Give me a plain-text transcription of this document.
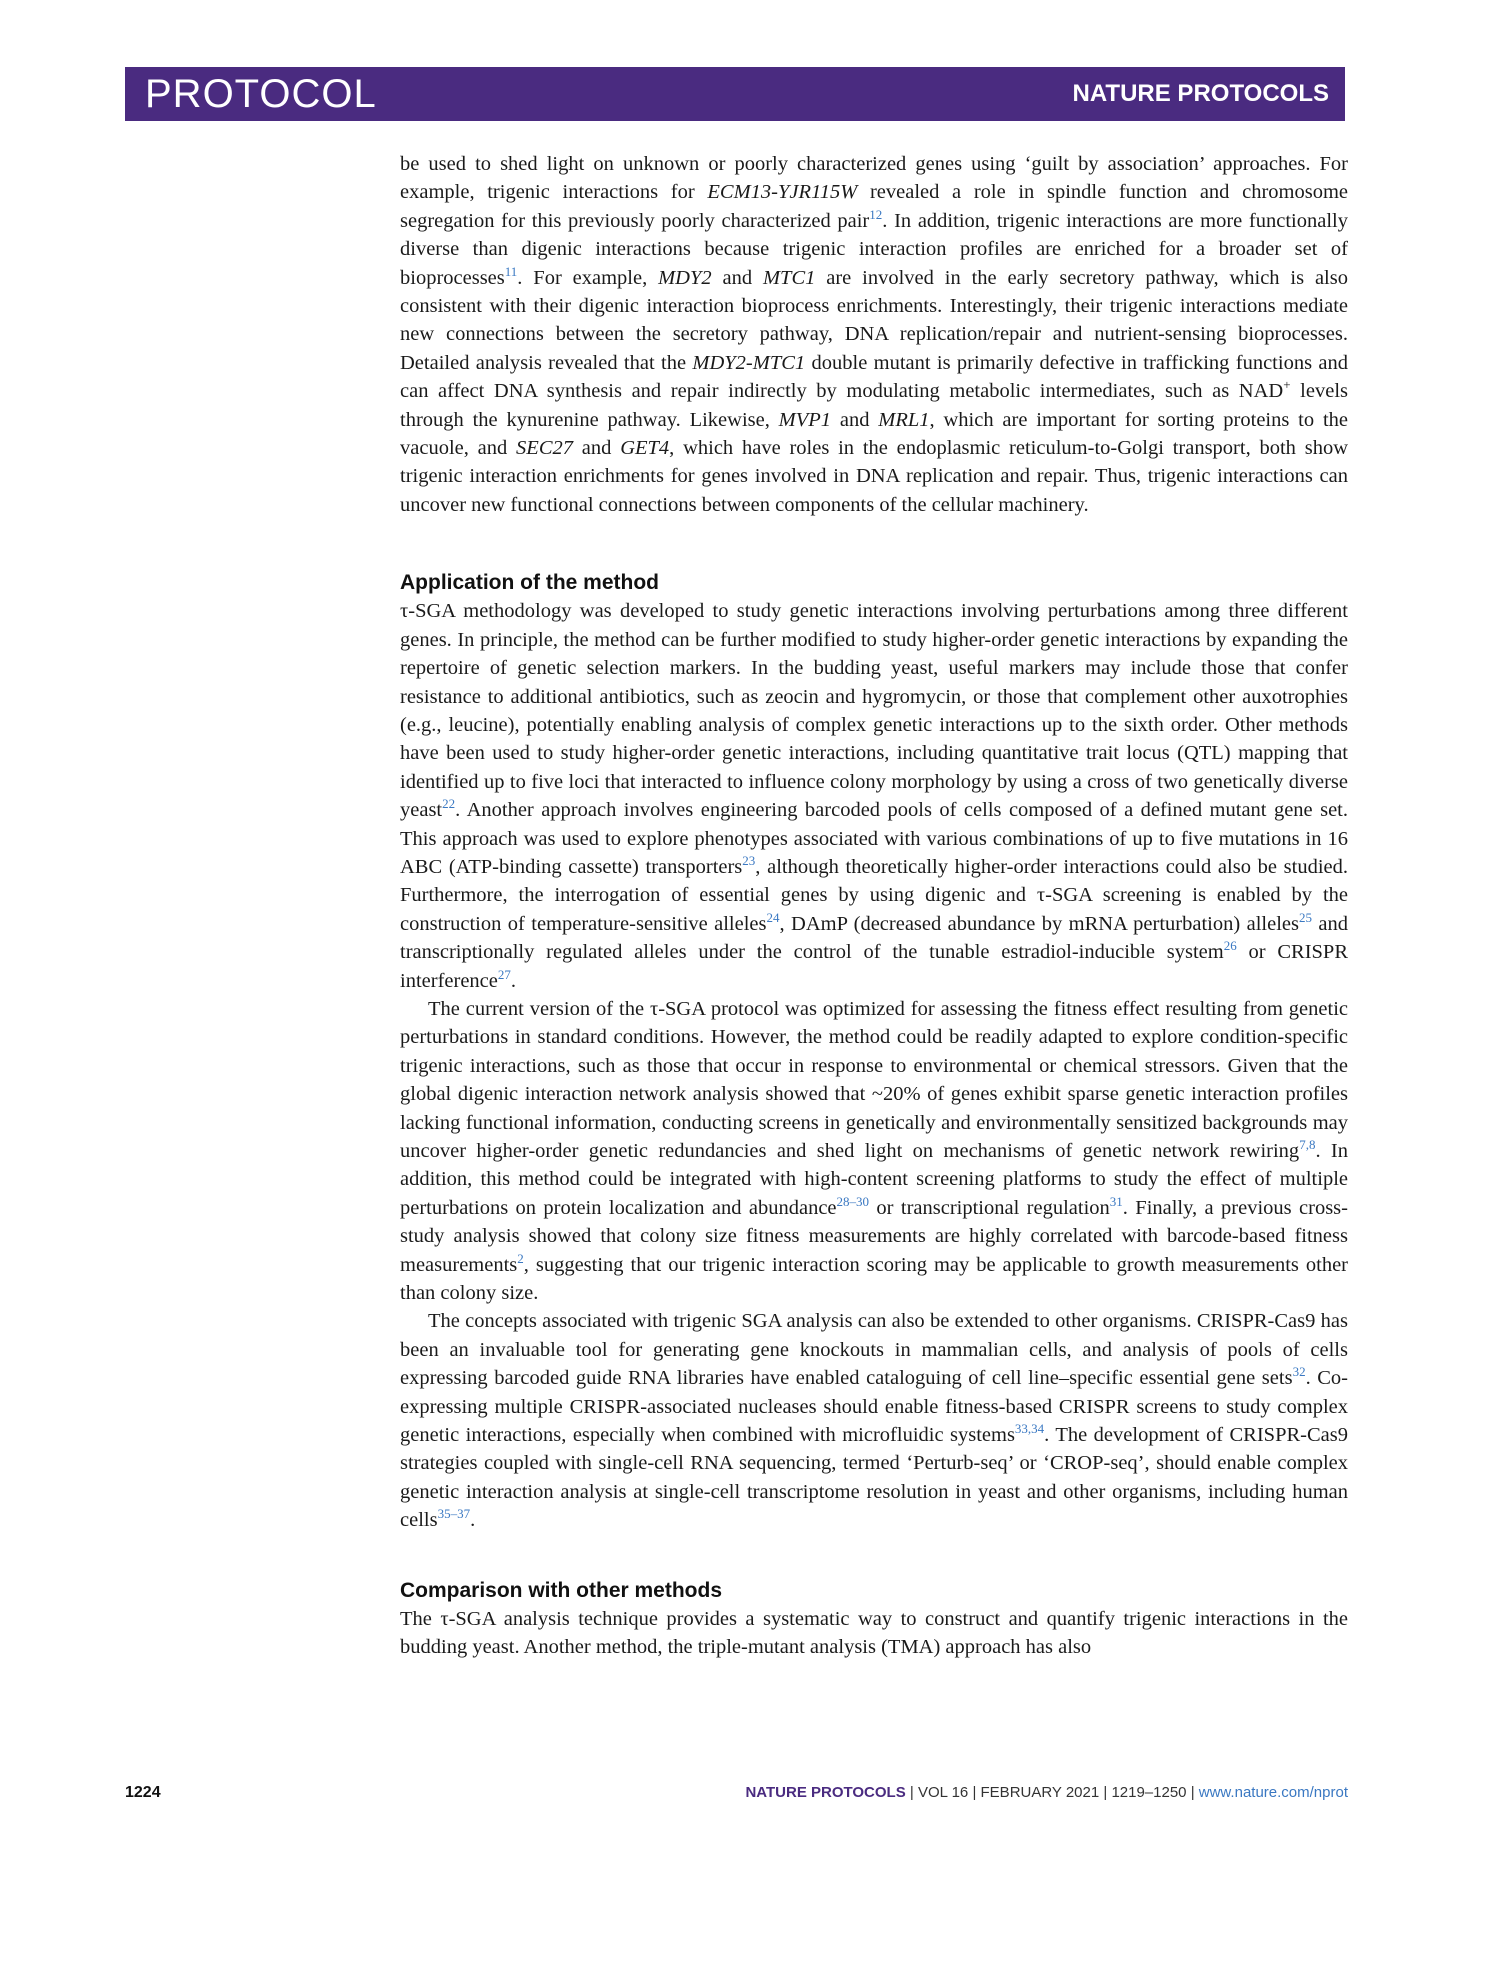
PROTOCOL	NATURE PROTOCOLS

be used to shed light on unknown or poorly characterized genes using ‘guilt by association’ approaches. For example, trigenic interactions for ECM13-YJR115W revealed a role in spindle function and chromosome segregation for this previously poorly characterized pair$^{12}$. In addition, trigenic interactions are more functionally diverse than digenic interactions because trigenic interaction profiles are enriched for a broader set of bioprocesses$^{11}$. For example, MDY2 and MTC1 are involved in the early secretory pathway, which is also consistent with their digenic interaction bioprocess enrichments. Interestingly, their trigenic interactions mediate new connections between the secretory pathway, DNA replication/repair and nutrient-sensing bioprocesses. Detailed analysis revealed that the MDY2-MTC1 double mutant is primarily defective in trafficking functions and can affect DNA synthesis and repair indirectly by modulating metabolic intermediates, such as NAD+ levels through the kynurenine pathway. Likewise, MVP1 and MRL1, which are important for sorting proteins to the vacuole, and SEC27 and GET4, which have roles in the endoplasmic reticulum-to-Golgi transport, both show trigenic interaction enrichments for genes involved in DNA replication and repair. Thus, trigenic interactions can uncover new functional connections between components of the cellular machinery.

Application of the method

τ-SGA methodology was developed to study genetic interactions involving perturbations among three different genes. In principle, the method can be further modified to study higher-order genetic interactions by expanding the repertoire of genetic selection markers. In the budding yeast, useful markers may include those that confer resistance to additional antibiotics, such as zeocin and hygromycin, or those that complement other auxotrophies (e.g., leucine), potentially enabling analysis of complex genetic interactions up to the sixth order. Other methods have been used to study higher-order genetic interactions, including quantitative trait locus (QTL) mapping that identified up to five loci that interacted to influence colony morphology by using a cross of two genetically diverse yeast$^{22}$. Another approach involves engineering barcoded pools of cells composed of a defined mutant gene set. This approach was used to explore phenotypes associated with various combinations of up to five mutations in 16 ABC (ATP-binding cassette) transporters$^{23}$, although theoretically higher-order interactions could also be studied. Furthermore, the interrogation of essential genes by using digenic and τ-SGA screening is enabled by the construction of temperature-sensitive alleles$^{24}$, DAmP (decreased abundance by mRNA perturbation) alleles$^{25}$ and transcriptionally regulated alleles under the control of the tunable estradiol-inducible system$^{26}$ or CRISPR interference$^{27}$.

The current version of the τ-SGA protocol was optimized for assessing the fitness effect resulting from genetic perturbations in standard conditions. However, the method could be readily adapted to explore condition-specific trigenic interactions, such as those that occur in response to environmental or chemical stressors. Given that the global digenic interaction network analysis showed that ~20% of genes exhibit sparse genetic interaction profiles lacking functional information, conducting screens in genetically and environmentally sensitized backgrounds may uncover higher-order genetic redundancies and shed light on mechanisms of genetic network rewiring$^{7,8}$. In addition, this method could be integrated with high-content screening platforms to study the effect of multiple perturbations on protein localization and abundance$^{28-30}$ or transcriptional regulation$^{31}$. Finally, a previous cross-study analysis showed that colony size fitness measurements are highly correlated with barcode-based fitness measurements$^2$, suggesting that our trigenic interaction scoring may be applicable to growth measurements other than colony size.

The concepts associated with trigenic SGA analysis can also be extended to other organisms. CRISPR-Cas9 has been an invaluable tool for generating gene knockouts in mammalian cells, and analysis of pools of cells expressing barcoded guide RNA libraries have enabled cataloguing of cell line–specific essential gene sets$^{32}$. Co-expressing multiple CRISPR-associated nucleases should enable fitness-based CRISPR screens to study complex genetic interactions, especially when combined with microfluidic systems$^{33,34}$. The development of CRISPR-Cas9 strategies coupled with single-cell RNA sequencing, termed ‘Perturb-seq’ or ‘CROP-seq’, should enable complex genetic interaction analysis at single-cell transcriptome resolution in yeast and other organisms, including human cells$^{35-37}$.

Comparison with other methods

The τ-SGA analysis technique provides a systematic way to construct and quantify trigenic interactions in the budding yeast. Another method, the triple-mutant analysis (TMA) approach has also

1224	NATURE PROTOCOLS | VOL 16 | FEBRUARY 2021 | 1219–1250 | www.nature.com/nprot
